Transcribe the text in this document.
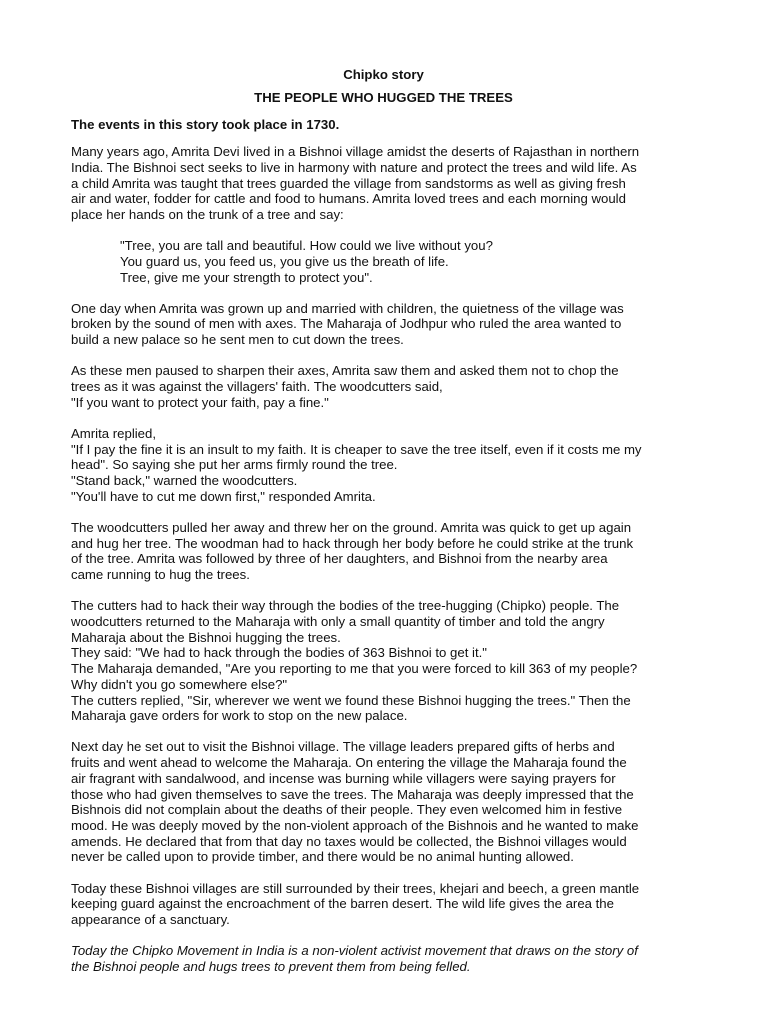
Chipko story
THE PEOPLE WHO HUGGED THE TREES
The events in this story took place in 1730.

Many years ago, Amrita Devi lived in a Bishnoi village amidst the deserts of Rajasthan in northern
India. The Bishnoi sect seeks to live in harmony with nature and protect the trees and wild life. As
a child Amrita was taught that trees guarded the village from sandstorms as well as giving fresh
air and water, fodder for cattle and food to humans. Amrita loved trees and each morning would
place her hands on the trunk of a tree and say:

"Tree, you are tall and beautiful. How could we live without you?
You guard us, you feed us, you give us the breath of life.
Tree, give me your strength to protect you".

One day when Amrita was grown up and married with children, the quietness of the village was
broken by the sound of men with axes. The Maharaja of Jodhpur who ruled the area wanted to
build a new palace so he sent men to cut down the trees.

As these men paused to sharpen their axes, Amrita saw them and asked them not to chop the
trees as it was against the villagers' faith. The woodcutters said,
"If you want to protect your faith, pay a fine."

Amrita replied,
"If I pay the fine it is an insult to my faith. It is cheaper to save the tree itself, even if it costs me my
head". So saying she put her arms firmly round the tree.
"Stand back," warned the woodcutters.
"You'll have to cut me down first," responded Amrita.

The woodcutters pulled her away and threw her on the ground. Amrita was quick to get up again
and hug her tree. The woodman had to hack through her body before he could strike at the trunk
of the tree. Amrita was followed by three of her daughters, and Bishnoi from the nearby area
came running to hug the trees.

The cutters had to hack their way through the bodies of the tree-hugging (Chipko) people. The
woodcutters returned to the Maharaja with only a small quantity of timber and told the angry
Maharaja about the Bishnoi hugging the trees.
They said: "We had to hack through the bodies of 363 Bishnoi to get it."
The Maharaja demanded, "Are you reporting to me that you were forced to kill 363 of my people?
Why didn't you go somewhere else?"
The cutters replied, "Sir, wherever we went we found these Bishnoi hugging the trees." Then the
Maharaja gave orders for work to stop on the new palace.

Next day he set out to visit the Bishnoi village. The village leaders prepared gifts of herbs and
fruits and went ahead to welcome the Maharaja. On entering the village the Maharaja found the
air fragrant with sandalwood, and incense was burning while villagers were saying prayers for
those who had given themselves to save the trees. The Maharaja was deeply impressed that the
Bishnois did not complain about the deaths of their people. They even welcomed him in festive
mood. He was deeply moved by the non-violent approach of the Bishnois and he wanted to make
amends. He declared that from that day no taxes would be collected, the Bishnoi villages would
never be called upon to provide timber, and there would be no animal hunting allowed.

Today these Bishnoi villages are still surrounded by their trees, khejari and beech, a green mantle
keeping guard against the encroachment of the barren desert. The wild life gives the area the
appearance of a sanctuary.

Today the Chipko Movement in India is a non-violent activist movement that draws on the story of
the Bishnoi people and hugs trees to prevent them from being felled.
